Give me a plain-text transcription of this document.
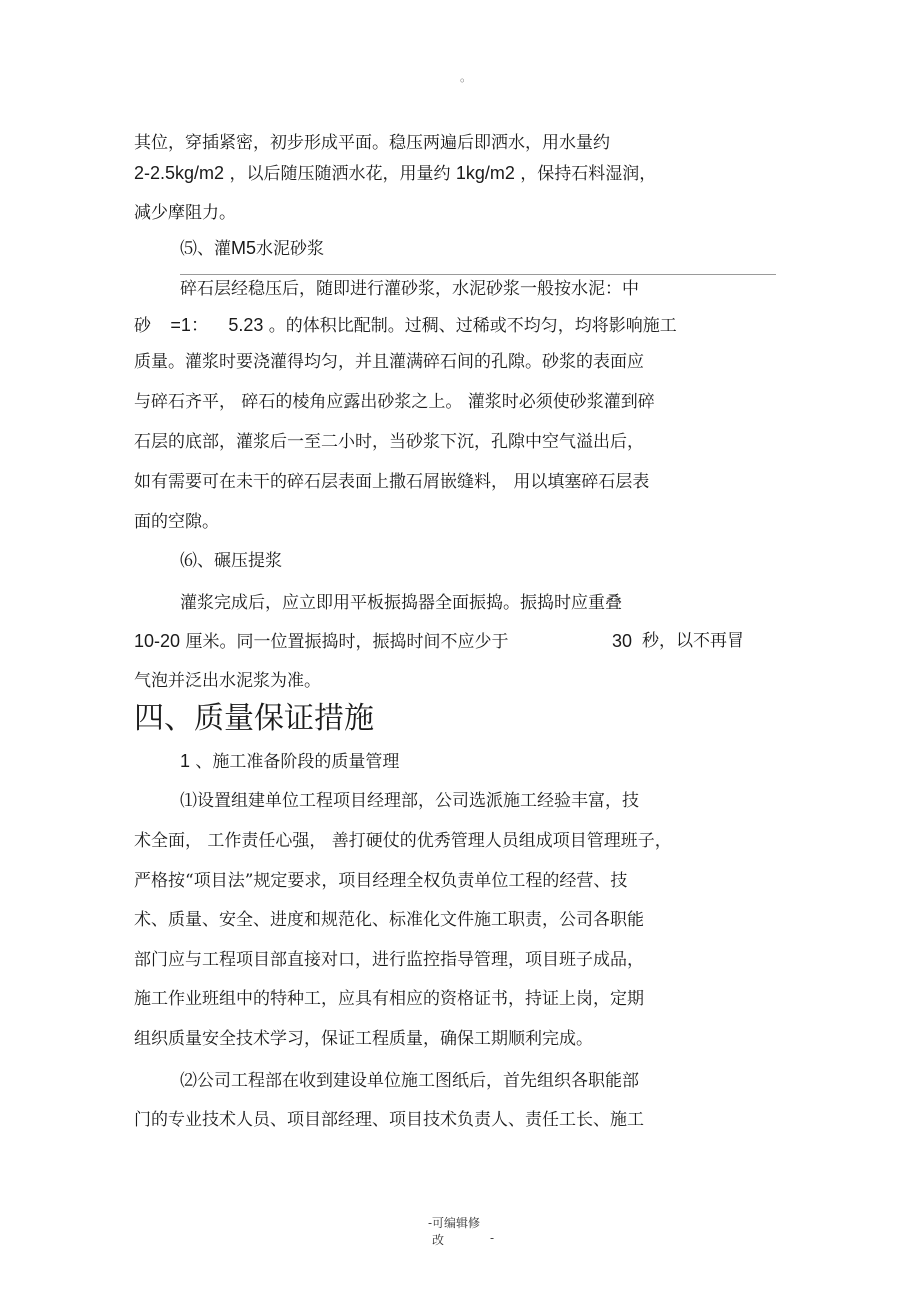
。
其位，穿插紧密，初步形成平面。稳压两遍后即洒水，用水量约
2-2.5kg/m2 ，以后随压随洒水花，用量约 1kg/m2 ，保持石料湿润，
减少摩阻力。
⑸、灌M5水泥砂浆
碎石层经稳压后，随即进行灌砂浆，水泥砂浆一般按水泥：中
砂 =1： 5.23 。的体积比配制。过稠、过稀或不均匀，均将影响施工
质量。灌浆时要浇灌得均匀，并且灌满碎石间的孔隙。砂浆的表面应
与碎石齐平， 碎石的棱角应露出砂浆之上。 灌浆时必须使砂浆灌到碎
石层的底部，灌浆后一至二小时，当砂浆下沉，孔隙中空气溢出后，
如有需要可在未干的碎石层表面上撒石屑嵌缝料， 用以填塞碎石层表
面的空隙。
⑹、碾压提浆
灌浆完成后，应立即用平板振捣器全面振捣。振捣时应重叠
10-20 厘米。同一位置振捣时，振捣时间不应少于	30 秒，以不再冒
气泡并泛出水泥浆为准。
四、质量保证措施
1 、施工准备阶段的质量管理
⑴设置组建单位工程项目经理部，公司选派施工经验丰富，技
术全面， 工作责任心强， 善打硬仗的优秀管理人员组成项目管理班子，
严格按“项目法”规定要求，项目经理全权负责单位工程的经营、技
术、质量、安全、进度和规范化、标准化文件施工职责，公司各职能
部门应与工程项目部直接对口，进行监控指导管理，项目班子成品，
施工作业班组中的特种工，应具有相应的资格证书，持证上岗，定期
组织质量安全技术学习，保证工程质量，确保工期顺利完成。
⑵公司工程部在收到建设单位施工图纸后，首先组织各职能部
门的专业技术人员、项目部经理、项目技术负责人、责任工长、施工
-可编辑修
改	-
